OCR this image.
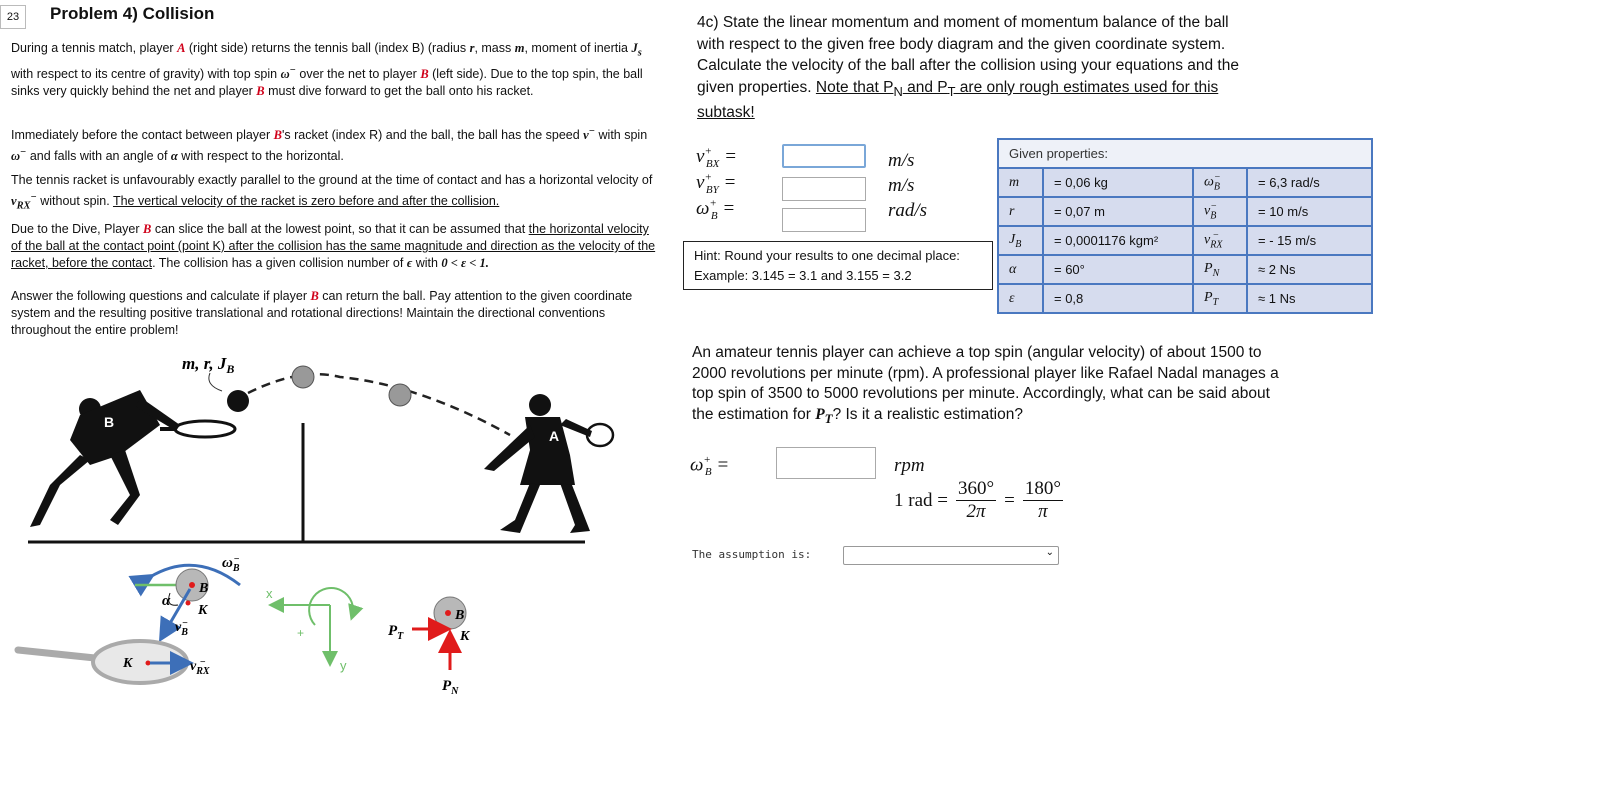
23	Problem 4) Collision
During a tennis match, player A (right side) returns the tennis ball (index B) (radius r, mass m, moment of inertia $J_s$ with respect to its centre of gravity) with top spin ω− over the net to player B (left side). Due to the top spin, the ball sinks very quickly behind the net and player B must dive forward to get the ball onto his racket.
Immediately before the contact between player B's racket (index R) and the ball, the ball has the speed v− with spin ω− and falls with an angle of α with respect to the horizontal.
The tennis racket is unfavourably exactly parallel to the ground at the time of contact and has a horizontal velocity of $v_{RX}^-$ without spin. The vertical velocity of the racket is zero before and after the collision.
Due to the Dive, Player B can slice the ball at the lowest point, so that it can be assumed that the horizontal velocity of the ball at the contact point (point K) after the collision has the same magnitude and direction as the velocity of the racket, before the contact. The collision has a given collision number of ϵ with 0 < ε < 1.
Answer the following questions and calculate if player B can return the ball. Pay attention to the given coordinate system and the resulting positive translational and rotational directions! Maintain the directional conventions throughout the entire problem!
m, r, $J_B$
B
A
$\omega_B-$
B
K
α
$v_B-$
K	$v_{RX}-$
x
y
+
B
$P_T$	K
$P_N$
4c) State the linear momentum and moment of momentum balance of the ball
with respect to the given free body diagram and the given coordinate system.
Calculate the velocity of the ball after the collision using your equations and the
given properties. Note that $P_N$ and $P_T$ are only rough estimates used for this
subtask!
$v^+_{BX}$ =	m/s
$v^+_{BY}$ =	m/s
$\omega^+_B$ =	rad/s
Hint: Round your results to one decimal place:
Example: 3.145 = 3.1 and 3.155 = 3.2
Given properties:			
m	= 0,06 kg	$\omega_B^-$	= 6,3 rad/s
r	= 0,07 m	$v_B^-$	= 10 m/s
$J_B$	= 0,0001176 kgm²	$v_{RX}^-$	= - 15 m/s
α	= 60°	$P_N$	≈ 2 Ns
ε	= 0,8	$P_T$	≈ 1 Ns
An amateur tennis player can achieve a top spin (angular velocity) of about 1500 to
2000 revolutions per minute (rpm). A professional player like Rafael Nadal manages a
top spin of 3500 to 5000 revolutions per minute. Accordingly, what can be said about
the estimation for $P_T$? Is it a realistic estimation?
$\omega^+_B$ =	rpm
1 rad = $\frac{360^\circ}{2\pi} = \frac{180^\circ}{\pi}$
The assumption is:	⌄
